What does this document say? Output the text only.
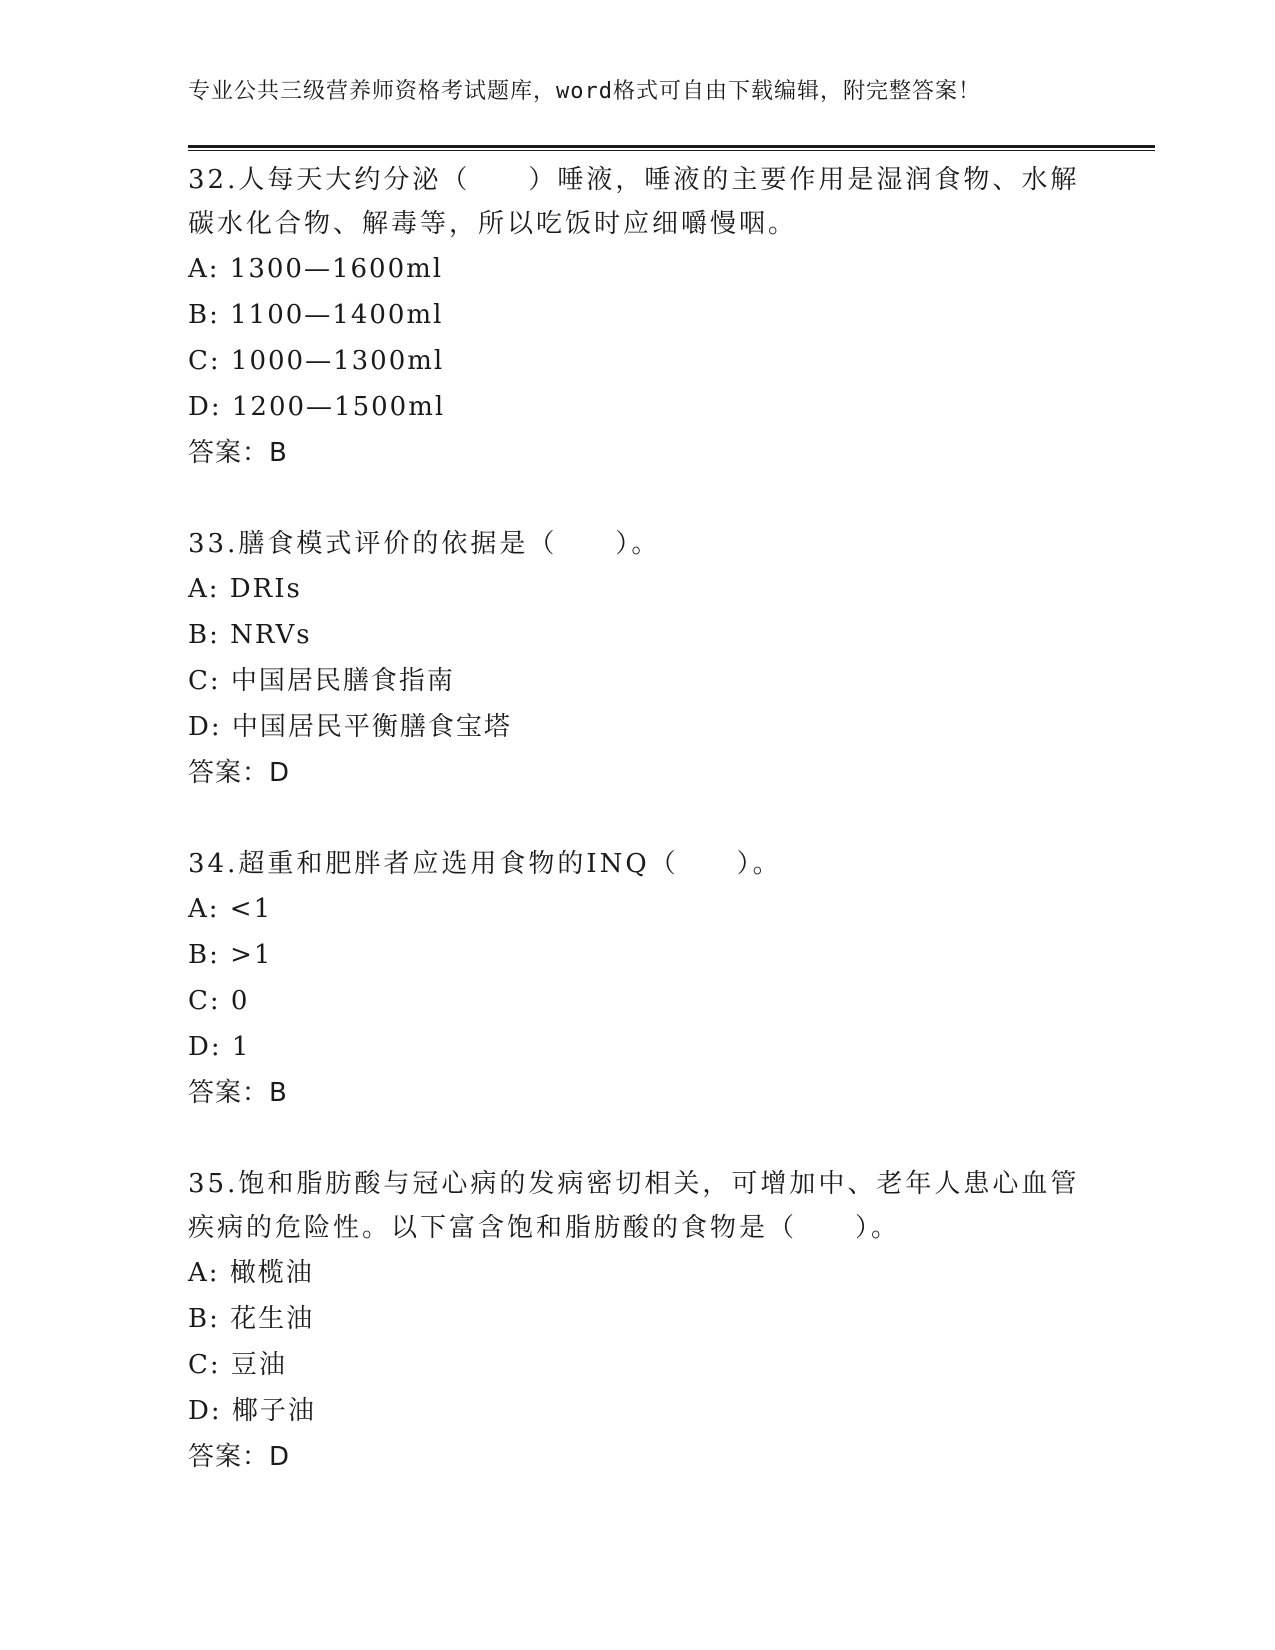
专业公共三级营养师资格考试题库，word格式可自由下载编辑，附完整答案！
32.人每天大约分泌（　　）唾液，唾液的主要作用是湿润食物、水解碳水化合物、解毒等，所以吃饭时应细嚼慢咽。
A: 1300—1600ml
B: 1100—1400ml
C: 1000—1300ml
D: 1200—1500ml
答案：B
33.膳食模式评价的依据是（　　）。
A: DRIs
B: NRVs
C: 中国居民膳食指南
D: 中国居民平衡膳食宝塔
答案：D
34.超重和肥胖者应选用食物的INQ（　　）。
A: <1
B: >1
C: 0
D: 1
答案：B
35.饱和脂肪酸与冠心病的发病密切相关，可增加中、老年人患心血管疾病的危险性。以下富含饱和脂肪酸的食物是（　　）。
A: 橄榄油
B: 花生油
C: 豆油
D: 椰子油
答案：D
